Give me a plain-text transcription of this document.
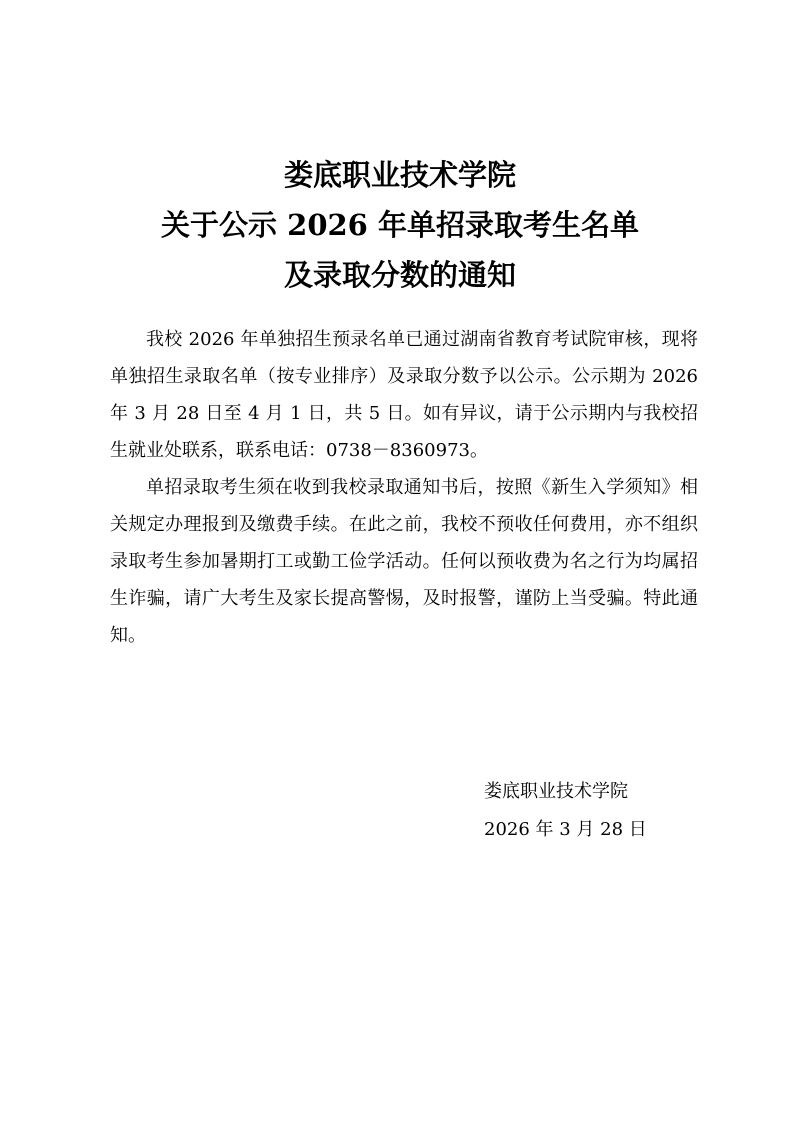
娄底职业技术学院
关于公示 2026 年单招录取考生名单
及录取分数的通知

我校 2026 年单独招生预录名单已通过湖南省教育考试院审核，现将单独招生录取名单（按专业排序）及录取分数予以公示。公示期为 2026 年 3 月 28 日至 4 月 1 日，共 5 日。如有异议，请于公示期内与我校招生就业处联系，联系电话：0738－8360973。

单招录取考生须在收到我校录取通知书后，按照《新生入学须知》相关规定办理报到及缴费手续。在此之前，我校不预收任何费用，亦不组织录取考生参加暑期打工或勤工俭学活动。任何以预收费为名之行为均属招生诈骗，请广大考生及家长提高警惕，及时报警，谨防上当受骗。特此通知。

娄底职业技术学院
2026 年 3 月 28 日
